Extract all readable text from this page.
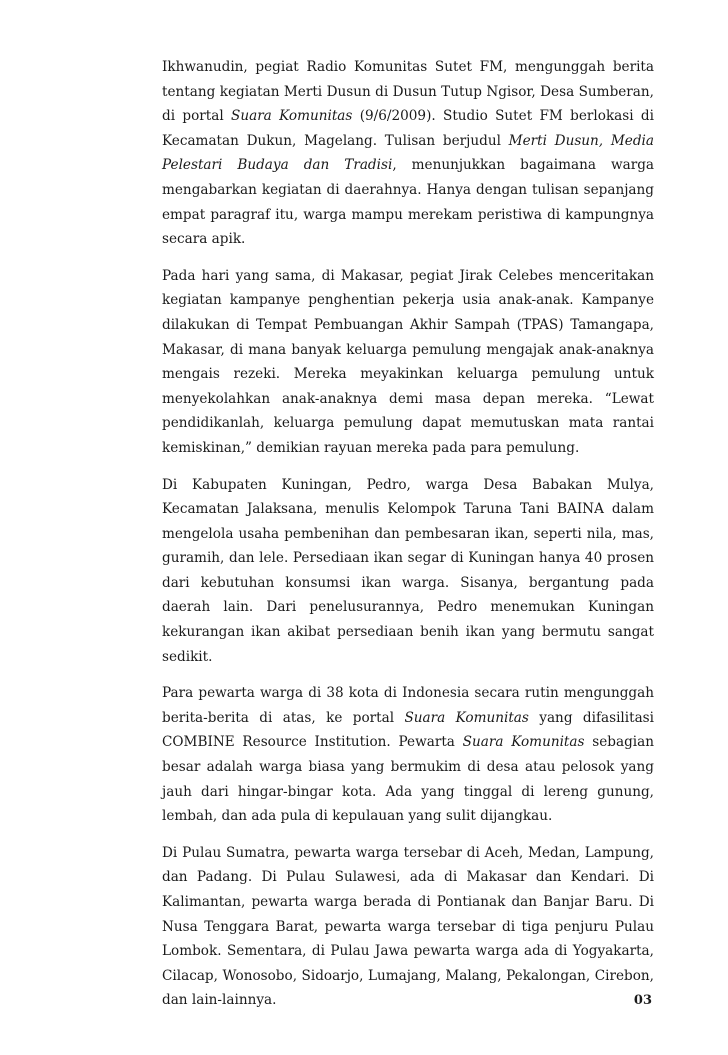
Ikhwanudin, pegiat Radio Komunitas Sutet FM, mengunggah berita tentang kegiatan Merti Dusun di Dusun Tutup Ngisor, Desa Sumberan, di portal Suara Komunitas (9/6/2009). Studio Sutet FM berlokasi di Kecamatan Dukun, Magelang. Tulisan berjudul Merti Dusun, Media Pelestari Budaya dan Tradisi, menunjukkan bagaimana warga mengabarkan kegiatan di daerahnya. Hanya dengan tulisan sepanjang empat paragraf itu, warga mampu merekam peristiwa di kampungnya secara apik.

Pada hari yang sama, di Makasar, pegiat Jirak Celebes menceritakan kegiatan kampanye penghentian pekerja usia anak-anak. Kampanye dilakukan di Tempat Pembuangan Akhir Sampah (TPAS) Tamangapa, Makasar, di mana banyak keluarga pemulung mengajak anak-anaknya mengais rezeki. Mereka meyakinkan keluarga pemulung untuk menyekolahkan anak-anaknya demi masa depan mereka. “Lewat pendidikanlah, keluarga pemulung dapat memutuskan mata rantai kemiskinan,” demikian rayuan mereka pada para pemulung.

Di Kabupaten Kuningan, Pedro, warga Desa Babakan Mulya, Kecamatan Jalaksana, menulis Kelompok Taruna Tani BAINA dalam mengelola usaha pembenihan dan pembesaran ikan, seperti nila, mas, guramih, dan lele. Persediaan ikan segar di Kuningan hanya 40 prosen dari kebutuhan konsumsi ikan warga. Sisanya, bergantung pada daerah lain. Dari penelusurannya, Pedro menemukan Kuningan kekurangan ikan akibat persediaan benih ikan yang bermutu sangat sedikit.

Para pewarta warga di 38 kota di Indonesia secara rutin mengunggah berita-berita di atas, ke portal Suara Komunitas yang difasilitasi COMBINE Resource Institution. Pewarta Suara Komunitas sebagian besar adalah warga biasa yang bermukim di desa atau pelosok yang jauh dari hingar-bingar kota. Ada yang tinggal di lereng gunung, lembah, dan ada pula di kepulauan yang sulit dijangkau.

Di Pulau Sumatra, pewarta warga tersebar di Aceh, Medan, Lampung, dan Padang. Di Pulau Sulawesi, ada di Makasar dan Kendari. Di Kalimantan, pewarta warga berada di Pontianak dan Banjar Baru. Di Nusa Tenggara Barat, pewarta warga tersebar di tiga penjuru Pulau Lombok. Sementara, di Pulau Jawa pewarta warga ada di Yogyakarta, Cilacap, Wonosobo, Sidoarjo, Lumajang, Malang, Pekalongan, Cirebon, dan lain-lainnya.	03
